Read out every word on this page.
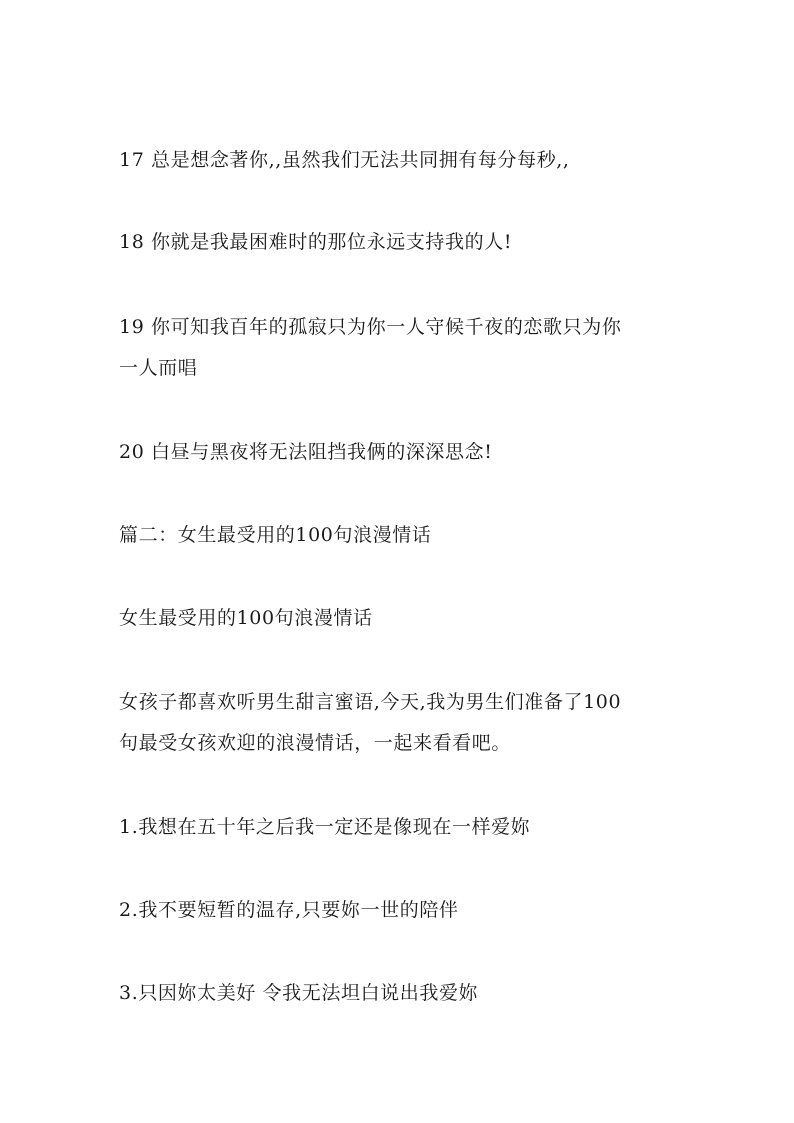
17 总是想念著你,,虽然我们无法共同拥有每分每秒,,
18 你就是我最困难时的那位永远支持我的人!
19 你可知我百年的孤寂只为你一人守候千夜的恋歌只为你
一人而唱
20 白昼与黑夜将无法阻挡我俩的深深思念!
篇二：女生最受用的100句浪漫情话
女生最受用的100句浪漫情话
女孩子都喜欢听男生甜言蜜语,今天,我为男生们准备了100
句最受女孩欢迎的浪漫情话，一起来看看吧。
1.我想在五十年之后我一定还是像现在一样爱妳
2.我不要短暂的温存,只要妳一世的陪伴
3.只因妳太美好 令我无法坦白说出我爱妳
